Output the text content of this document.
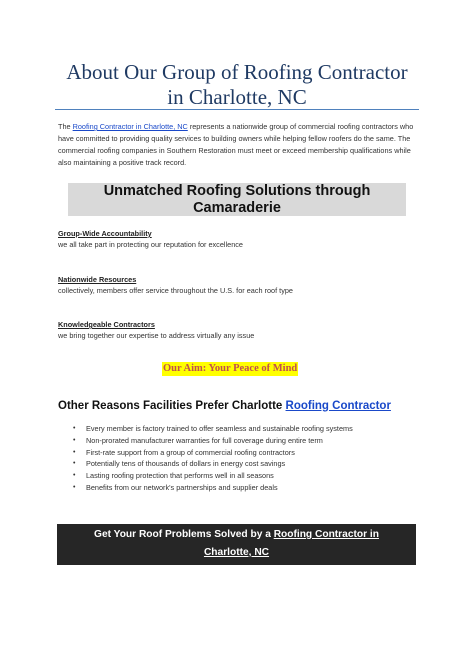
About Our Group of Roofing Contractor
in Charlotte, NC
The Roofing Contractor in Charlotte, NC represents a nationwide group of commercial roofing contractors who have committed to providing quality services to building owners while helping fellow roofers do the same. The commercial roofing companies in Southern Restoration must meet or exceed membership qualifications while also maintaining a positive track record.
Unmatched Roofing Solutions through
Camaraderie
Group-Wide Accountability
we all take part in protecting our reputation for excellence
Nationwide Resources
collectively, members offer service throughout the U.S. for each roof type
Knowledgeable Contractors
we bring together our expertise to address virtually any issue
Our Aim: Your Peace of Mind
Other Reasons Facilities Prefer Charlotte Roofing Contractor
• Every member is factory trained to offer seamless and sustainable roofing systems
• Non-prorated manufacturer warranties for full coverage during entire term
• First-rate support from a group of commercial roofing contractors
• Potentially tens of thousands of dollars in energy cost savings
• Lasting roofing protection that performs well in all seasons
• Benefits from our network's partnerships and supplier deals
Get Your Roof Problems Solved by a Roofing Contractor in
Charlotte, NC
